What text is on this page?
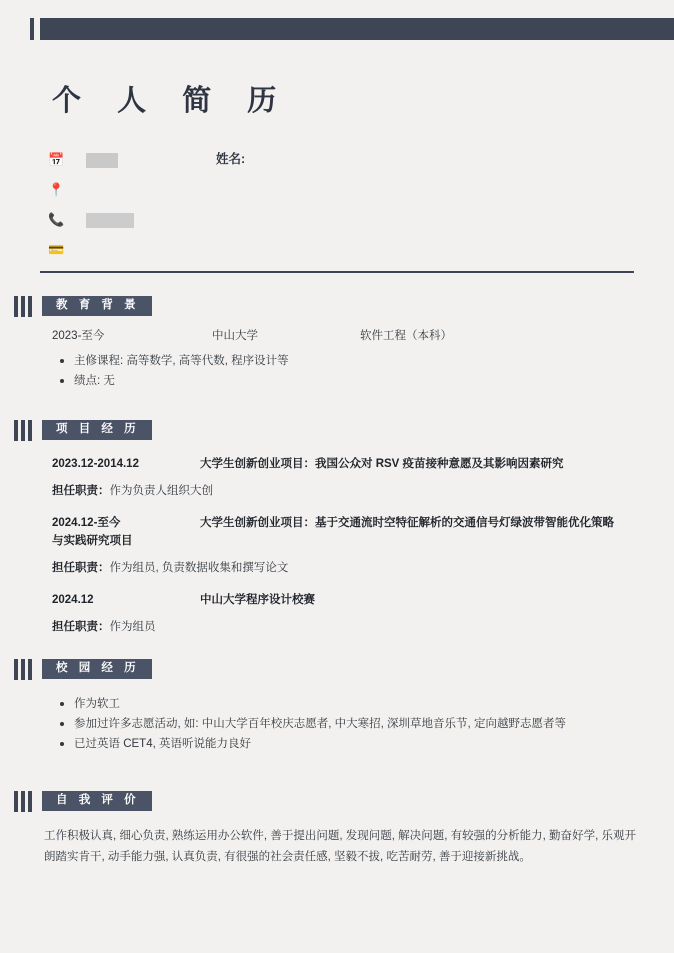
个 人 简 历
📅
📍
📞
💳
姓名:
教 育 背 景
2023-至今	中山大学	软件工程（本科）
主修课程: 高等数学, 高等代数, 程序设计等
绩点: 无
项 目 经 历
2023.12-2014.12	大学生创新创业项目：我国公众对 RSV 疫苗接种意愿及其影响因素研究
担任职责：作为负责人组织大创
2024.12-至今	大学生创新创业项目：基于交通流时空特征解析的交通信号灯绿波带智能优化策略与实践研究项目
担任职责：作为组员, 负责数据收集和撰写论文
2024.12	中山大学程序设计校赛
担任职责：作为组员
校 园 经 历
作为软工
参加过许多志愿活动, 如: 中山大学百年校庆志愿者, 中大寒招, 深圳草地音乐节, 定向越野志愿者等
已过英语 CET4, 英语听说能力良好
自 我 评 价
工作积极认真, 细心负责, 熟练运用办公软件, 善于提出问题, 发现问题, 解决问题, 有较强的分析能力, 勤奋好学, 乐观开朗踏实肯干, 动手能力强, 认真负责, 有很强的社会责任感, 坚毅不拔, 吃苦耐劳, 善于迎接新挑战。
